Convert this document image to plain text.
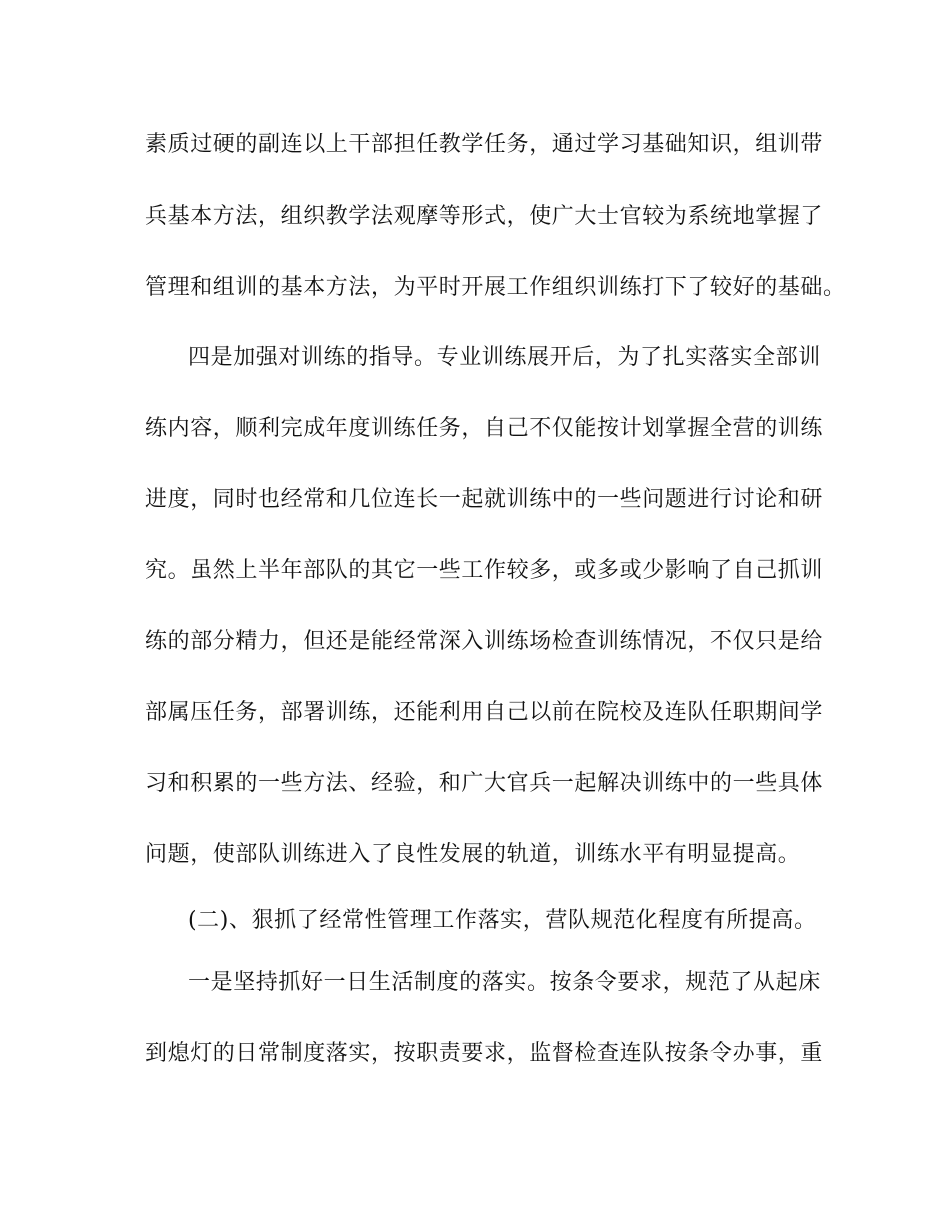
素质过硬的副连以上干部担任教学任务，通过学习基础知识，组训带
兵基本方法，组织教学法观摩等形式，使广大士官较为系统地掌握了
管理和组训的基本方法，为平时开展工作组织训练打下了较好的基础。
四是加强对训练的指导。专业训练展开后，为了扎实落实全部训
练内容，顺利完成年度训练任务，自己不仅能按计划掌握全营的训练
进度，同时也经常和几位连长一起就训练中的一些问题进行讨论和研
究。虽然上半年部队的其它一些工作较多，或多或少影响了自己抓训
练的部分精力，但还是能经常深入训练场检查训练情况，不仅只是给
部属压任务，部署训练，还能利用自己以前在院校及连队任职期间学
习和积累的一些方法、经验，和广大官兵一起解决训练中的一些具体
问题，使部队训练进入了良性发展的轨道，训练水平有明显提高。
(二)、狠抓了经常性管理工作落实，营队规范化程度有所提高。
一是坚持抓好一日生活制度的落实。按条令要求，规范了从起床
到熄灯的日常制度落实，按职责要求，监督检查连队按条令办事，重
